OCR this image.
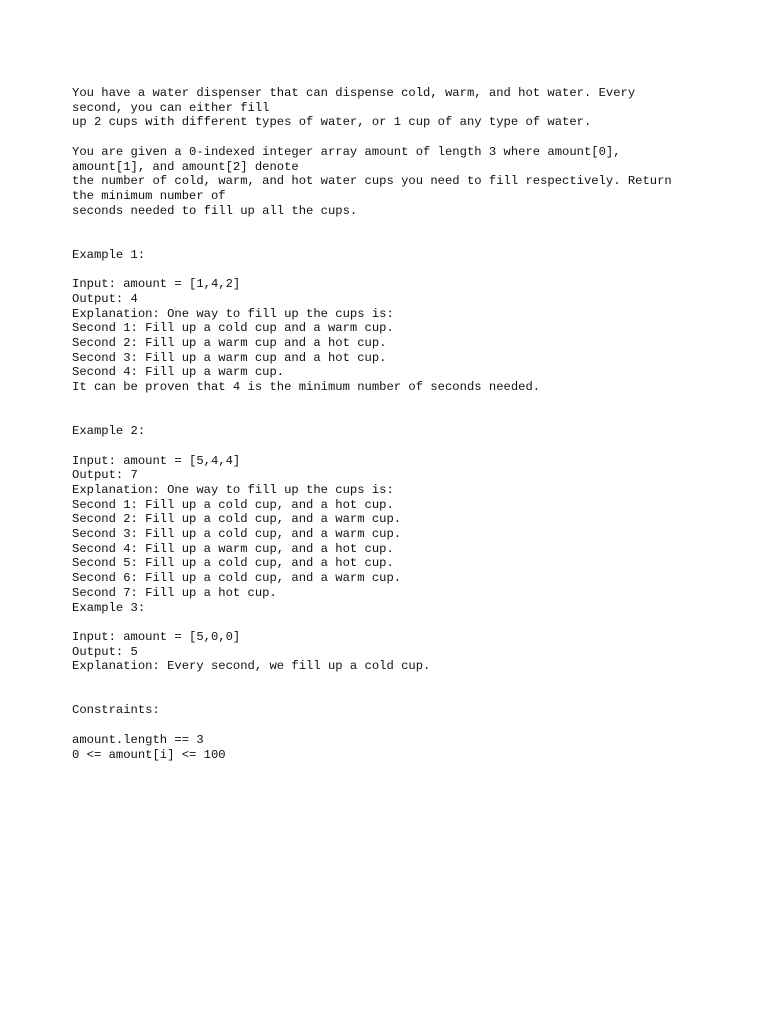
You have a water dispenser that can dispense cold, warm, and hot water. Every
second, you can either fill
up 2 cups with different types of water, or 1 cup of any type of water.
You are given a 0-indexed integer array amount of length 3 where amount[0],
amount[1], and amount[2] denote
the number of cold, warm, and hot water cups you need to fill respectively. Return
the minimum number of
seconds needed to fill up all the cups.
Example 1:
Input: amount = [1,4,2]
Output: 4
Explanation: One way to fill up the cups is:
Second 1: Fill up a cold cup and a warm cup.
Second 2: Fill up a warm cup and a hot cup.
Second 3: Fill up a warm cup and a hot cup.
Second 4: Fill up a warm cup.
It can be proven that 4 is the minimum number of seconds needed.
Example 2:
Input: amount = [5,4,4]
Output: 7
Explanation: One way to fill up the cups is:
Second 1: Fill up a cold cup, and a hot cup.
Second 2: Fill up a cold cup, and a warm cup.
Second 3: Fill up a cold cup, and a warm cup.
Second 4: Fill up a warm cup, and a hot cup.
Second 5: Fill up a cold cup, and a hot cup.
Second 6: Fill up a cold cup, and a warm cup.
Second 7: Fill up a hot cup.
Example 3:
Input: amount = [5,0,0]
Output: 5
Explanation: Every second, we fill up a cold cup.
Constraints:
amount.length == 3
0 <= amount[i] <= 100
